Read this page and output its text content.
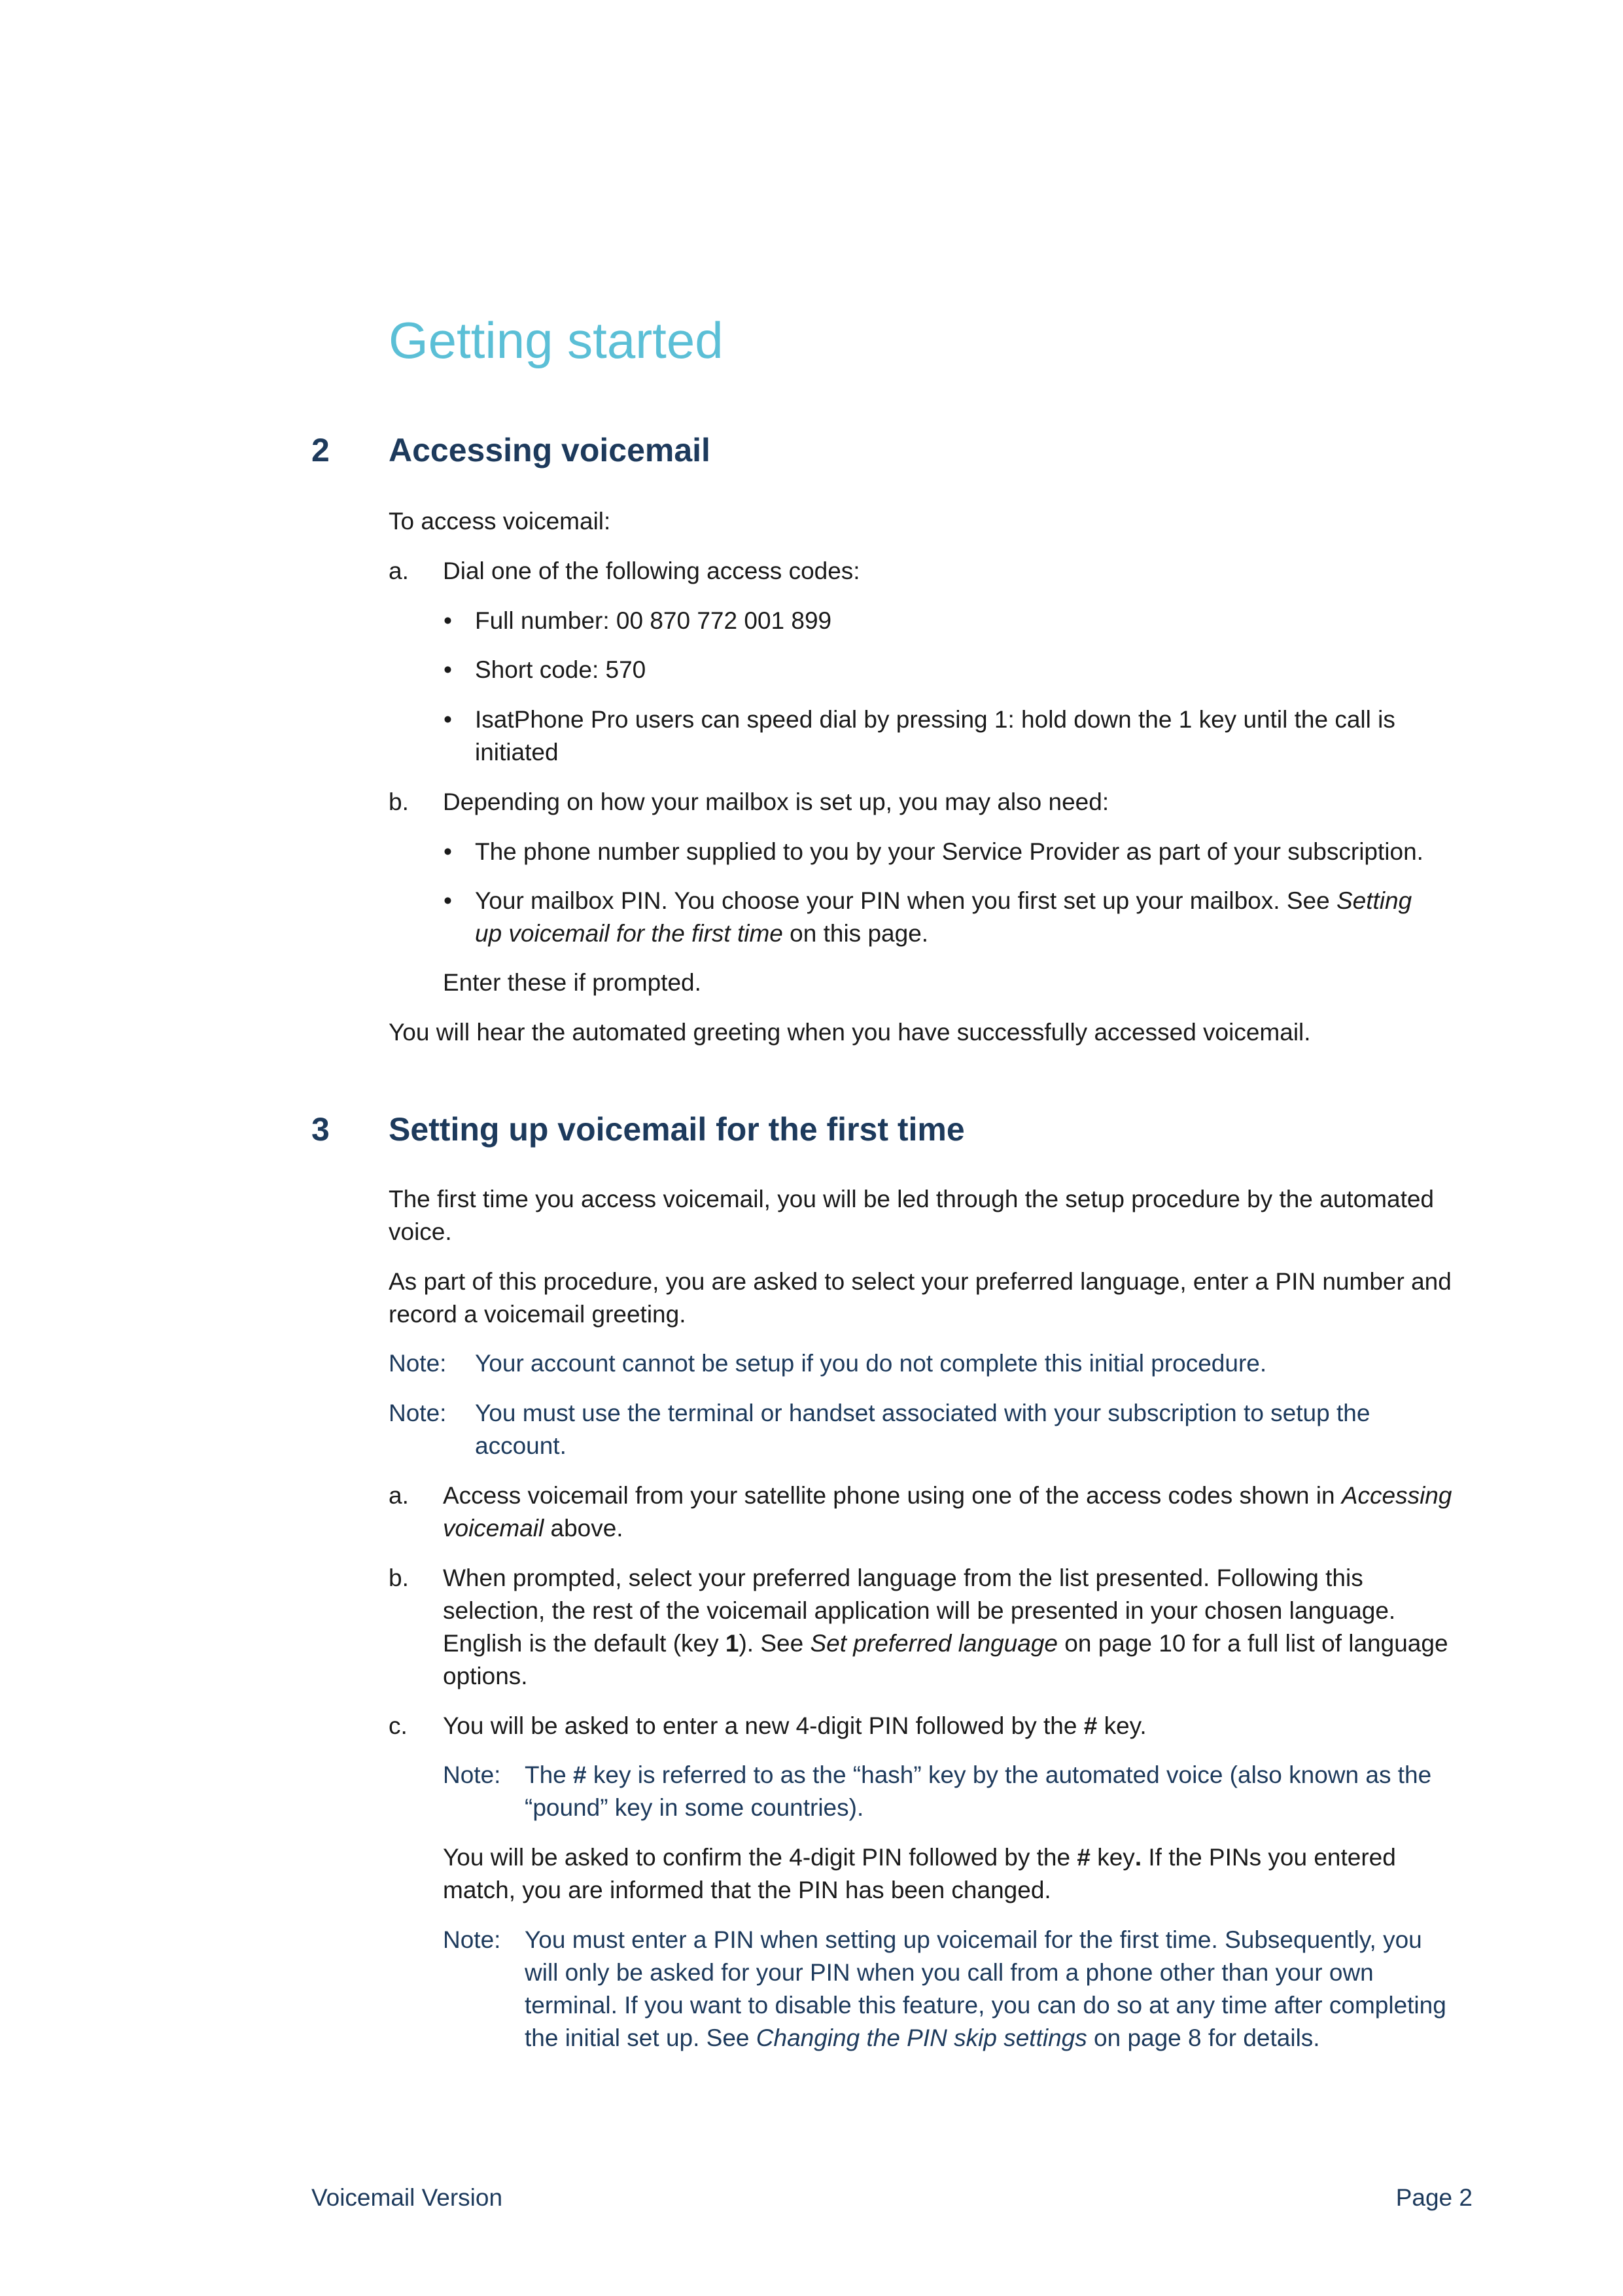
Getting started
2 Accessing voicemail
To access voicemail:
a. Dial one of the following access codes:
• Full number: 00 870 772 001 899
• Short code: 570
• IsatPhone Pro users can speed dial by pressing 1: hold down the 1 key until the call is
initiated
b. Depending on how your mailbox is set up, you may also need:
• The phone number supplied to you by your Service Provider as part of your subscription.
• Your mailbox PIN. You choose your PIN when you first set up your mailbox. See Setting
up voicemail for the first time on this page.
Enter these if prompted.
You will hear the automated greeting when you have successfully accessed voicemail.
3 Setting up voicemail for the first time
The first time you access voicemail, you will be led through the setup procedure by the automated
voice.
As part of this procedure, you are asked to select your preferred language, enter a PIN number and
record a voicemail greeting.
Note: Your account cannot be setup if you do not complete this initial procedure.
Note: You must use the terminal or handset associated with your subscription to setup the
account.
a. Access voicemail from your satellite phone using one of the access codes shown in Accessing
voicemail above.
b. When prompted, select your preferred language from the list presented. Following this
selection, the rest of the voicemail application will be presented in your chosen language.
English is the default (key 1). See Set preferred language on page 10 for a full list of language
options.
c. You will be asked to enter a new 4-digit PIN followed by the # key.
Note: The # key is referred to as the “hash” key by the automated voice (also known as the
“pound” key in some countries).
You will be asked to confirm the 4-digit PIN followed by the # key. If the PINs you entered
match, you are informed that the PIN has been changed.
Note: You must enter a PIN when setting up voicemail for the first time. Subsequently, you
will only be asked for your PIN when you call from a phone other than your own
terminal. If you want to disable this feature, you can do so at any time after completing
the initial set up. See Changing the PIN skip settings on page 8 for details.
Voicemail Version	Page 2
